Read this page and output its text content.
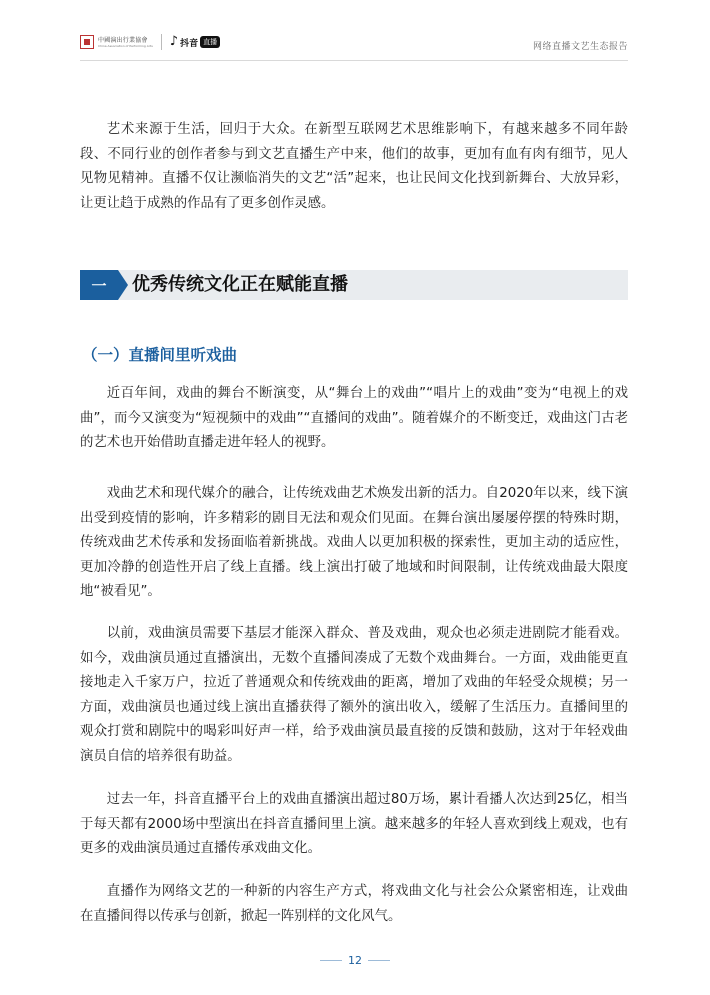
中國演出行業協會
China Association of Performing Arts ♪ 抖音 直播	网络直播文艺生态报告

艺术来源于生活，回归于大众。在新型互联网艺术思维影响下，有越来越多不同年龄段、不同行业的创作者参与到文艺直播生产中来，他们的故事，更加有血有肉有细节，见人见物见精神。直播不仅让濒临消失的文艺“活”起来，也让民间文化找到新舞台、大放异彩，让更让趋于成熟的作品有了更多创作灵感。

一	优秀传统文化正在赋能直播
（一）直播间里听戏曲

近百年间，戏曲的舞台不断演变，从“舞台上的戏曲”“唱片上的戏曲”变为“电视上的戏曲”，而今又演变为“短视频中的戏曲”“直播间的戏曲”。随着媒介的不断变迁，戏曲这门古老的艺术也开始借助直播走进年轻人的视野。

戏曲艺术和现代媒介的融合，让传统戏曲艺术焕发出新的活力。自2020年以来，线下演出受到疫情的影响，许多精彩的剧目无法和观众们见面。在舞台演出屡屡停摆的特殊时期，传统戏曲艺术传承和发扬面临着新挑战。戏曲人以更加积极的探索性，更加主动的适应性，更加冷静的创造性开启了线上直播。线上演出打破了地域和时间限制，让传统戏曲最大限度地“被看见”。

以前，戏曲演员需要下基层才能深入群众、普及戏曲，观众也必须走进剧院才能看戏。如今，戏曲演员通过直播演出，无数个直播间凑成了无数个戏曲舞台。一方面，戏曲能更直接地走入千家万户，拉近了普通观众和传统戏曲的距离，增加了戏曲的年轻受众规模；另一方面，戏曲演员也通过线上演出直播获得了额外的演出收入，缓解了生活压力。直播间里的观众打赏和剧院中的喝彩叫好声一样，给予戏曲演员最直接的反馈和鼓励，这对于年轻戏曲演员自信的培养很有助益。

过去一年，抖音直播平台上的戏曲直播演出超过80万场，累计看播人次达到25亿，相当于每天都有2000场中型演出在抖音直播间里上演。越来越多的年轻人喜欢到线上观戏，也有更多的戏曲演员通过直播传承戏曲文化。

直播作为网络文艺的一种新的内容生产方式，将戏曲文化与社会公众紧密相连，让戏曲在直播间得以传承与创新，掀起一阵别样的文化风气。

12
